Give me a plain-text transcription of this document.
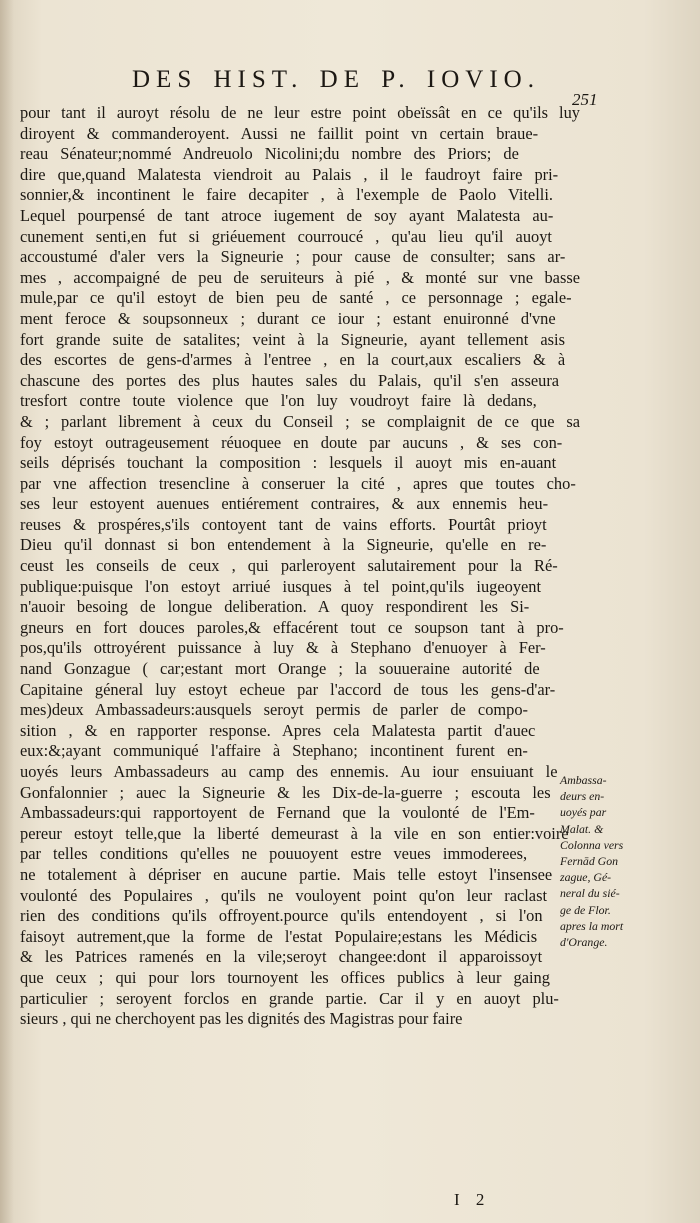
DES HIST. DE P. IOVIO.
251
pour tant il auroyt résolu de ne leur estre point obeïssât en ce qu'ils luy
diroyent & commanderoyent. Aussi ne faillit point vn certain braue-
reau Sénateur;nommé Andreuolo Nicolini;du nombre des Priors; de
dire que,quand Malatesta viendroit au Palais , il le faudroyt faire pri-
sonnier,& incontinent le faire decapiter , à l'exemple de Paolo Vitelli.
Lequel pourpensé de tant atroce iugement de soy ayant Malatesta au-
cunement senti,en fut si griéuement courroucé , qu'au lieu qu'il auoyt
accoustumé d'aler vers la Signeurie ; pour cause de consulter; sans ar-
mes , accompaigné de peu de seruiteurs à pié , & monté sur vne basse
mule,par ce qu'il estoyt de bien peu de santé , ce personnage ; egale-
ment feroce & soupsonneux ; durant ce iour ; estant enuironné d'vne
fort grande suite de satalites; veint à la Signeurie, ayant tellement asis
des escortes de gens-d'armes à l'entree , en la court,aux escaliers & à
chascune des portes des plus hautes sales du Palais, qu'il s'en asseura
tresfort contre toute violence que l'on luy voudroyt faire là dedans,
& ; parlant librement à ceux du Conseil ; se complaignit de ce que sa
foy estoyt outrageusement réuoquee en doute par aucuns , & ses con-
seils déprisés touchant la composition : lesquels il auoyt mis en-auant
par vne affection tresencline à conseruer la cité , apres que toutes cho-
ses leur estoyent auenues entiérement contraires, & aux ennemis heu-
reuses & prospéres,s'ils contoyent tant de vains efforts. Pourtât prioyt
Dieu qu'il donnast si bon entendement à la Signeurie, qu'elle en re-
ceust les conseils de ceux , qui parleroyent salutairement pour la Ré-
publique:puisque l'on estoyt arriué iusques à tel point,qu'ils iugeoyent
n'auoir besoing de longue deliberation. A quoy respondirent les Si-
gneurs en fort douces paroles,& effacérent tout ce soupson tant à pro-
pos,qu'ils ottroyérent puissance à luy & à Stephano d'enuoyer à Fer-
nand Gonzague ( car;estant mort Orange ; la souueraine autorité de
Capitaine géneral luy estoyt echeue par l'accord de tous les gens-d'ar-
mes)deux Ambassadeurs:ausquels seroyt permis de parler de compo-
sition , & en rapporter response. Apres cela Malatesta partit d'auec
eux:&;ayant communiqué l'affaire à Stephano; incontinent furent en-
uoyés leurs Ambassadeurs au camp des ennemis. Au iour ensuiuant le
Gonfalonnier ; auec la Signeurie & les Dix-de-la-guerre ; escouta les
Ambassadeurs:qui rapportoyent de Fernand que la voulonté de l'Em-
pereur estoyt telle,que la liberté demeurast à la vile en son entier:voire
par telles conditions qu'elles ne pouuoyent estre veues immoderees,
ne totalement à dépriser en aucune partie. Mais telle estoyt l'insensee
voulonté des Populaires , qu'ils ne vouloyent point qu'on leur raclast
rien des conditions qu'ils offroyent.pource qu'ils entendoyent , si l'on
faisoyt autrement,que la forme de l'estat Populaire;estans les Médicis
& les Patrices ramenés en la vile;seroyt changee:dont il apparoissoyt
que ceux ; qui pour lors tournoyent les offices publics à leur gaing
particulier ; seroyent forclos en grande partie. Car il y en auoyt plu-
sieurs , qui ne cherchoyent pas les dignités des Magistras pour faire
Ambassa-
deurs en-
uoyés par
Malat. &
Colonna vers
Fernād Gon
zague, Gé-
neral du sié-
ge de Flor.
apres la mort
d'Orange.
I 2
